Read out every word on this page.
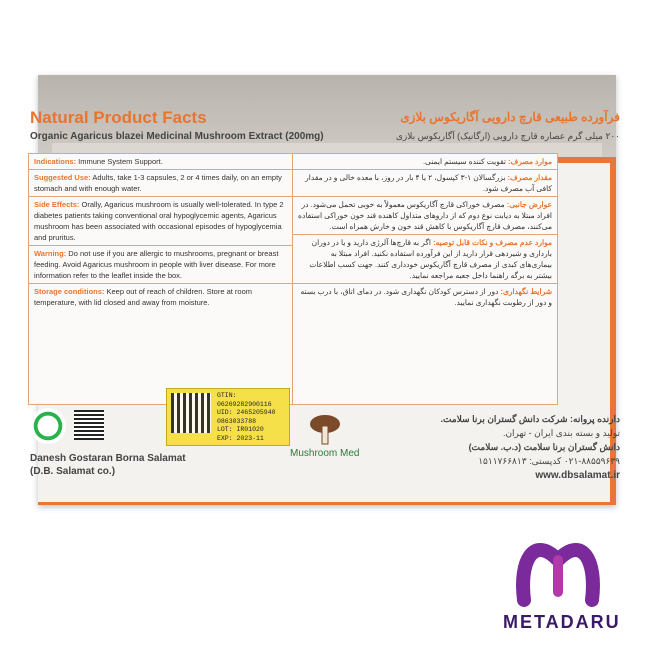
Natural Product Facts
Organic Agaricus blazei Medicinal Mushroom Extract (200mg)
فرآورده طبیعی قارچ دارویی آگاریکوس بلازی
۲۰۰ میلی گرم عصاره قارچ دارویی (ارگانیک) آگاریکوس بلازی
Indications: Immune System Support.
Suggested Use: Adults, take 1-3 capsules, 2 or 4 times daily, on an empty stomach and with enough water.
Side Effects: Orally, Agaricus mushroom is usually well-tolerated. In type 2 diabetes patients taking conventional oral hypoglycemic agents, Agaricus mushroom has been associated with occasional episodes of hypoglycemia and pruritus.
Warning: Do not use if you are allergic to mushrooms, pregnant or breast feeding. Avoid Agaricus mushroom in people with liver disease. For more information refer to the leaflet inside the box.
Storage conditions: Keep out of reach of children. Store at room temperature, with lid closed and away from moisture.
موارد مصرف: تقویت کننده سیستم ایمنی.
مقدار مصرف: بزرگسالان ۱-۳ کپسول، ۲ یا ۴ بار در روز، با معده خالی و در مقدار کافی آب مصرف شود.
عوارض جانبی: مصرف خوراکی قارچ آگاریکوس معمولاً به خوبی تحمل می‌شود. در افراد مبتلا به دیابت نوع دوم که از داروهای متداول کاهنده قند خون خوراکی استفاده می‌کنند، مصرف قارچ آگاریکوس با کاهش قند خون و خارش همراه است.
موارد عدم مصرف و نکات قابل توصیه: اگر به قارچ‌ها آلرژی دارید و یا در دوران بارداری و شیردهی قرار دارید از این فرآورده استفاده نکنید. افراد مبتلا به بیماری‌های کبدی از مصرف قارچ آگاریکوس خودداری کنند. جهت کسب اطلاعات بیشتر به برگه راهنما داخل جعبه مراجعه نمایید.
شرایط نگهداری: دور از دسترس کودکان نگهداری شود. در دمای اتاق، با درب بسته و دور از رطوبت نگهداری نمایید.
GTIN: 06269282900116
UID: 2465205940
0863033788
LOT: IR01020
EXP: 2023-11
Danesh Gostaran Borna Salamat
(D.B. Salamat co.)
Mushroom Med
دارنده پروانه: شرکت دانش گستران برنا سلامت.
تولید و بسته بندی ایران - تهران.
دانش گستران برنا سلامت (د.ب. سلامت)
۰۲۱-۸۸۵۵۹۶۳۹ کدپستی: ۱۵۱۱۷۶۶۸۱۳
www.dbsalamat.ir
METADARU
